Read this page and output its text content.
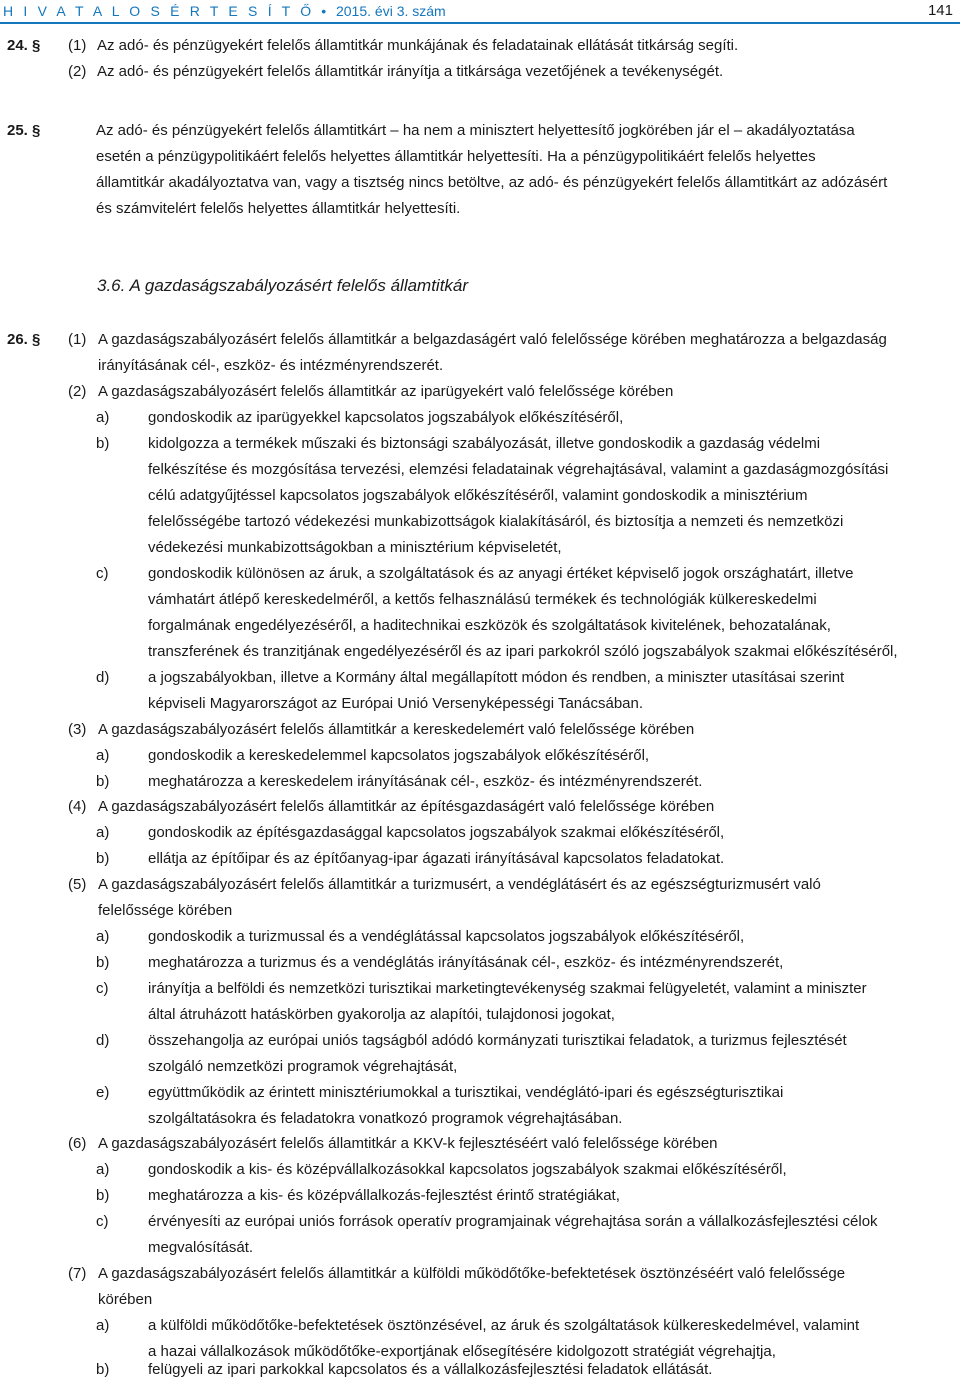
H I V A T A L O S É R T E S Í T Ő • 2015. évi 3. szám	141
24. § (1) Az adó- és pénzügyekért felelős államtitkár munkájának és feladatainak ellátását titkárság segíti.
(2) Az adó- és pénzügyekért felelős államtitkár irányítja a titkársága vezetőjének a tevékenységét.
25. §	Az adó- és pénzügyekért felelős államtitkárt – ha nem a minisztert helyettesítő jogkörében jár el – akadályoztatása
esetén a pénzügypolitikáért felelős helyettes államtitkár helyettesíti. Ha a pénzügypolitikáért felelős helyettes
államtitkár akadályoztatva van, vagy a tisztség nincs betöltve, az adó- és pénzügyekért felelős államtitkárt az adózásért
és számvitelért felelős helyettes államtitkár helyettesíti.
3.6. A gazdaságszabályozásért felelős államtitkár
26. § (1) A gazdaságszabályozásért felelős államtitkár a belgazdaságért való felelőssége körében meghatározza a belgazdaság
irányításának cél-, eszköz- és intézményrendszerét.
(2) A gazdaságszabályozásért felelős államtitkár az iparügyekért való felelőssége körében
a)	gondoskodik az iparügyekkel kapcsolatos jogszabályok előkészítéséről,
b)	kidolgozza a termékek műszaki és biztonsági szabályozását, illetve gondoskodik a gazdaság védelmi
felkészítése és mozgósítása tervezési, elemzési feladatainak végrehajtásával, valamint a gazdaságmozgósítási
célú adatgyűjtéssel kapcsolatos jogszabályok előkészítéséről, valamint gondoskodik a minisztérium
felelősségébe tartozó védekezési munkabizottságok kialakításáról, és biztosítja a nemzeti és nemzetközi
védekezési munkabizottságokban a minisztérium képviseletét,
c)	gondoskodik különösen az áruk, a szolgáltatások és az anyagi értéket képviselő jogok országhatárt, illetve
vámhatárt átlépő kereskedelméről, a kettős felhasználású termékek és technológiák külkereskedelmi
forgalmának engedélyezéséről, a haditechnikai eszközök és szolgáltatások kivitelének, behozatalának,
transzferének és tranzitjának engedélyezéséről és az ipari parkokról szóló jogszabályok szakmai előkészítéséről,
d)	a jogszabályokban, illetve a Kormány által megállapított módon és rendben, a miniszter utasításai szerint
képviseli Magyarországot az Európai Unió Versenyképességi Tanácsában.
(3) A gazdaságszabályozásért felelős államtitkár a kereskedelemért való felelőssége körében
a)	gondoskodik a kereskedelemmel kapcsolatos jogszabályok előkészítéséről,
b)	meghatározza a kereskedelem irányításának cél-, eszköz- és intézményrendszerét.
(4) A gazdaságszabályozásért felelős államtitkár az építésgazdaságért való felelőssége körében
a)	gondoskodik az építésgazdasággal kapcsolatos jogszabályok szakmai előkészítéséről,
b)	ellátja az építőipar és az építőanyag-ipar ágazati irányításával kapcsolatos feladatokat.
(5) A gazdaságszabályozásért felelős államtitkár a turizmusért, a vendéglátásért és az egészségturizmusért való
felelőssége körében
a)	gondoskodik a turizmussal és a vendéglátással kapcsolatos jogszabályok előkészítéséről,
b)	meghatározza a turizmus és a vendéglátás irányításának cél-, eszköz- és intézményrendszerét,
c)	irányítja a belföldi és nemzetközi turisztikai marketingtevékenység szakmai felügyeletét, valamint a miniszter
által átruházott hatáskörben gyakorolja az alapítói, tulajdonosi jogokat,
d)	összehangolja az európai uniós tagságból adódó kormányzati turisztikai feladatok, a turizmus fejlesztését
szolgáló nemzetközi programok végrehajtását,
e)	együttműködik az érintett minisztériumokkal a turisztikai, vendéglátó-ipari és egészségturisztikai
szolgáltatásokra és feladatokra vonatkozó programok végrehajtásában.
(6) A gazdaságszabályozásért felelős államtitkár a KKV-k fejlesztéséért való felelőssége körében
a)	gondoskodik a kis- és középvállalkozásokkal kapcsolatos jogszabályok szakmai előkészítéséről,
b)	meghatározza a kis- és középvállalkozás-fejlesztést érintő stratégiákat,
c)	érvényesíti az európai uniós források operatív programjainak végrehajtása során a vállalkozásfejlesztési célok
megvalósítását.
(7) A gazdaságszabályozásért felelős államtitkár a külföldi működőtőke-befektetések ösztönzéséért való felelőssége
körében
a)	a külföldi működőtőke-befektetések ösztönzésével, az áruk és szolgáltatások külkereskedelmével, valamint
a hazai vállalkozások működőtőke-exportjának elősegítésére kidolgozott stratégiát végrehajtja,
b)	felügyeli az ipari parkokkal kapcsolatos és a vállalkozásfejlesztési feladatok ellátását.
